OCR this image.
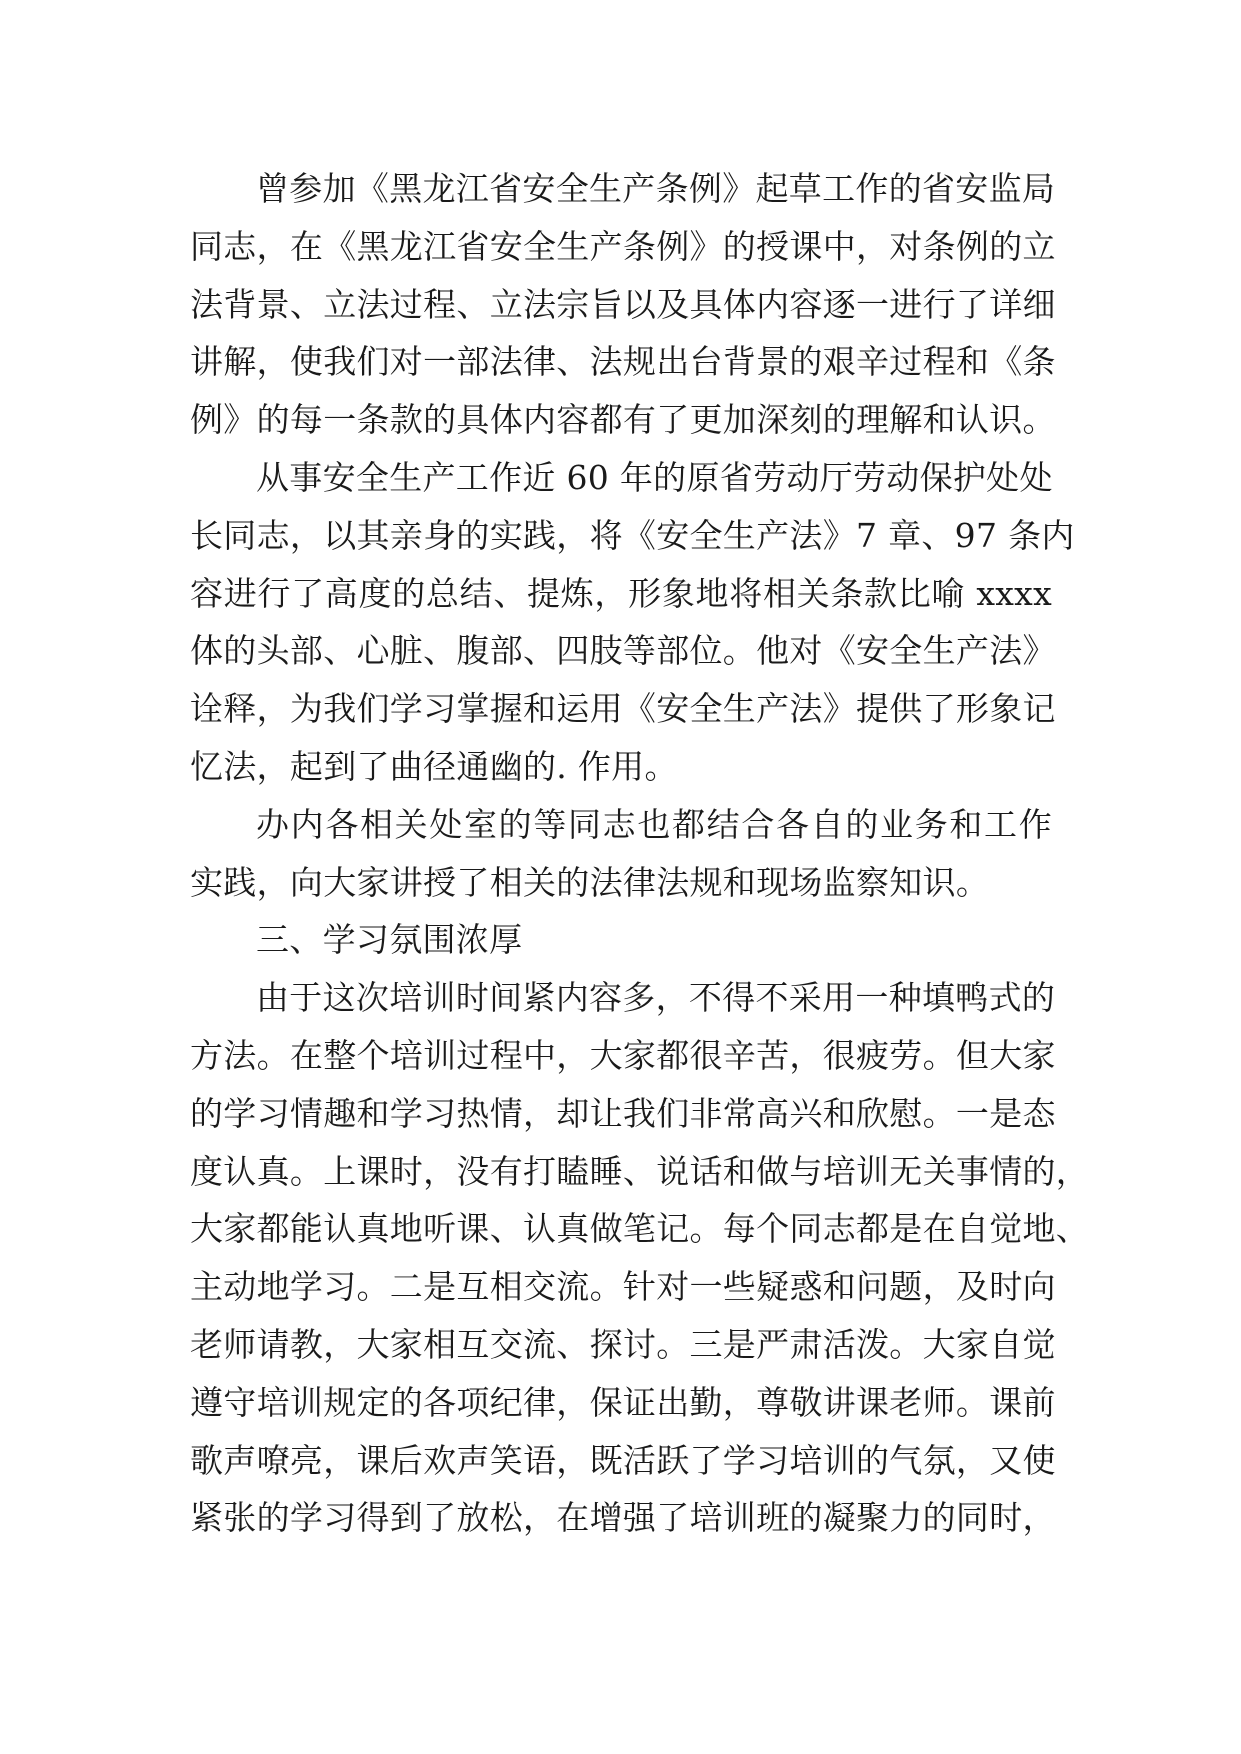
曾参加《黑龙江省安全生产条例》起草工作的省安监局
同志，在《黑龙江省安全生产条例》的授课中，对条例的立
法背景、立法过程、立法宗旨以及具体内容逐一进行了详细
讲解，使我们对一部法律、法规出台背景的艰辛过程和《条
例》的每一条款的具体内容都有了更加深刻的理解和认识。
从事安全生产工作近 60 年的原省劳动厅劳动保护处处
长同志，以其亲身的实践，将《安全生产法》7 章、97 条内
容进行了高度的总结、提炼，形象地将相关条款比喻 xxxx
体的头部、心脏、腹部、四肢等部位。他对《安全生产法》
诠释，为我们学习掌握和运用《安全生产法》提供了形象记
忆法，起到了曲径通幽的. 作用。
办内各相关处室的等同志也都结合各自的业务和工作
实践，向大家讲授了相关的法律法规和现场监察知识。
三、学习氛围浓厚
由于这次培训时间紧内容多，不得不采用一种填鸭式的
方法。在整个培训过程中，大家都很辛苦，很疲劳。但大家
的学习情趣和学习热情，却让我们非常高兴和欣慰。一是态
度认真。上课时，没有打瞌睡、说话和做与培训无关事情的，
大家都能认真地听课、认真做笔记。每个同志都是在自觉地、
主动地学习。二是互相交流。针对一些疑惑和问题，及时向
老师请教，大家相互交流、探讨。三是严肃活泼。大家自觉
遵守培训规定的各项纪律，保证出勤，尊敬讲课老师。课前
歌声嘹亮，课后欢声笑语，既活跃了学习培训的气氛，又使
紧张的学习得到了放松，在增强了培训班的凝聚力的同时，
